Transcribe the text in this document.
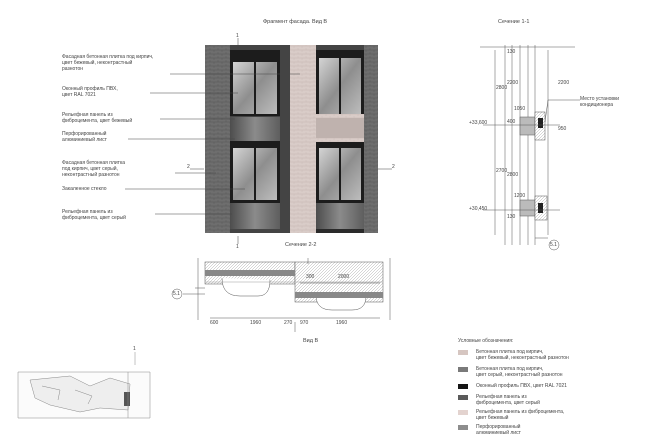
Фрагмент фасада. Вид В
Фасадная бетонная плитка под кирпич,
цвет бежевый, неконтрастный
разнотон
Оконный профиль ПВХ,
цвет RAL 7021
Рельефная панель из
фиброцемента, цвет бежевый
Перфорированный
алюминиевый лист
Фасадная бетонная плитка
под кирпич, цвет серый,
неконтрастный разнотон
Закаленное стекло
Рельефная панель из
фиброцемента, цвет серый
1
1
2	2
Сечение 1-1
130
2800
2200	2200
400
1050
950
2700
2800
1200
130
+33,600
+30,450
Место установки
кондиционера
5.1
Сечение 2-2
300	2000
600	1960	270 970	1960
5.1
Вид В
1
Условные обозначения:
Бетонная плитка под кирпич,
цвет бежевый, неконтрастный разнотон
Бетонная плитка под кирпич,
цвет серый, неконтрастный разнотон
Оконный профиль ПВХ, цвет RAL 7021
Рельефная панель из
фиброцемента, цвет серый
Рельефная панель из фиброцемента,
цвет бежевый
Перфорированный
алюминиевый лист
